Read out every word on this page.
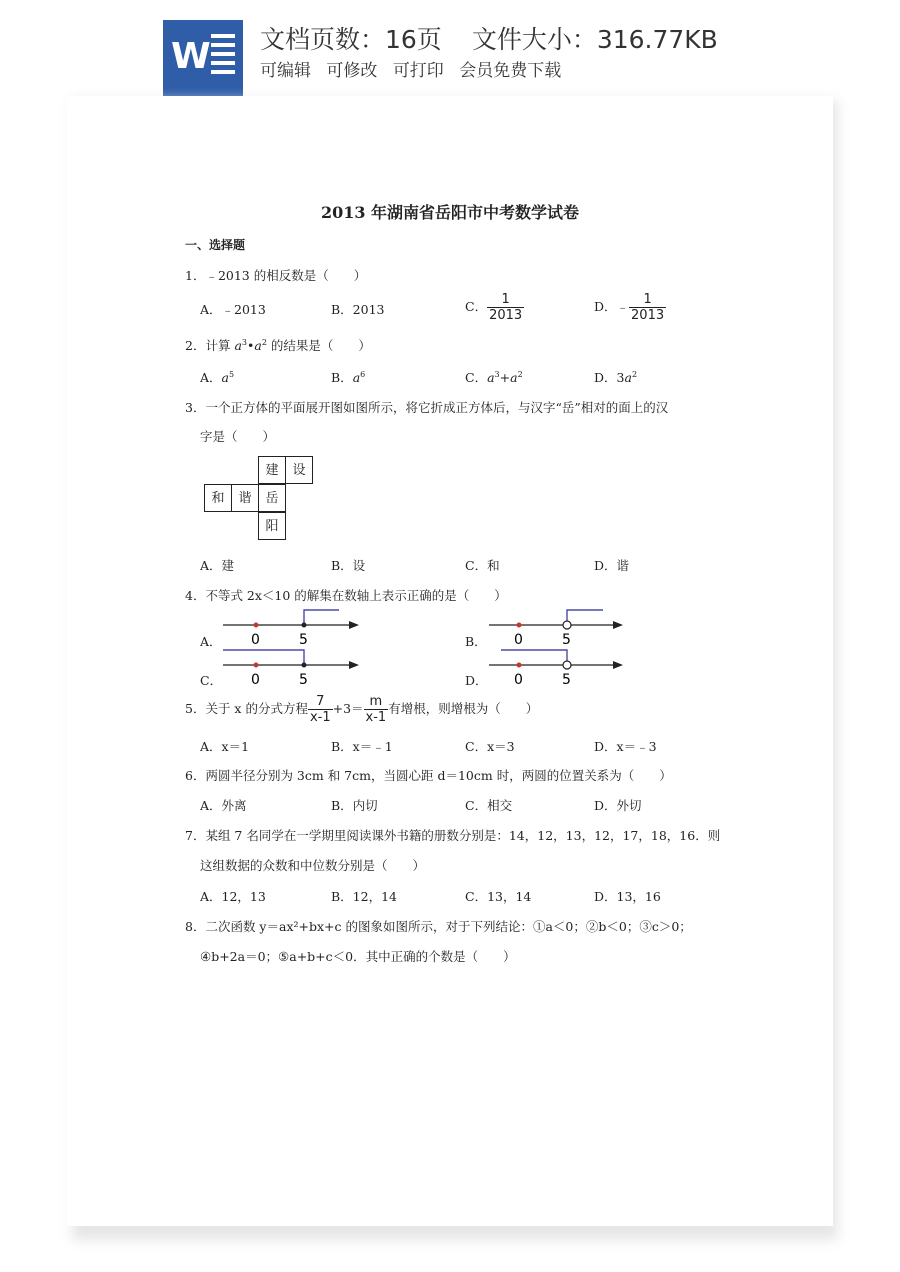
W 文档页数：16页 文件大小：316.77KB
可编辑 可修改 可打印 会员免费下载
2013 年湖南省岳阳市中考数学试卷
一、选择题
1．﹣2013 的相反数是（　　）
A．﹣2013	B．2013	C． $\frac{1}{2013}$	D．﹣ $\frac{1}{2013}$
2．计算 $a^3•a^2$ 的结果是（　　）
A．$a^5$	B．$a^6$	C．$a^3+a^2$	D．$3a^2$
3．一个正方体的平面展开图如图所示，将它折成正方体后，与汉字“岳”相对的面上的汉
字是（　　）
建	设
和	谐	岳
阳
A．建	B．设	C．和	D．谐
4．不等式 2x＜10 的解集在数轴上表示正确的是（　　）
A． 0	5	B． 0	5
C． 0	5	D． 0	5
5．关于 x 的分式方程 $\frac{7}{x-1} +3= \frac{m}{x-1}$ 有增根，则增根为（　　）
A．x＝1	B．x＝﹣1	C．x＝3	D．x＝﹣3
6．两圆半径分别为 3cm 和 7cm，当圆心距 d＝10cm 时，两圆的位置关系为（　　）
A．外离	B．内切	C．相交	D．外切
7．某组 7 名同学在一学期里阅读课外书籍的册数分别是：14，12，13，12，17，18，16．则
这组数据的众数和中位数分别是（　　）
A．12，13	B．12，14	C．13，14	D．13，16
8．二次函数 y＝ax²+bx+c 的图象如图所示，对于下列结论：①a＜0；②b＜0；③c＞0；
④b+2a＝0；⑤a+b+c＜0．其中正确的个数是（　　）
